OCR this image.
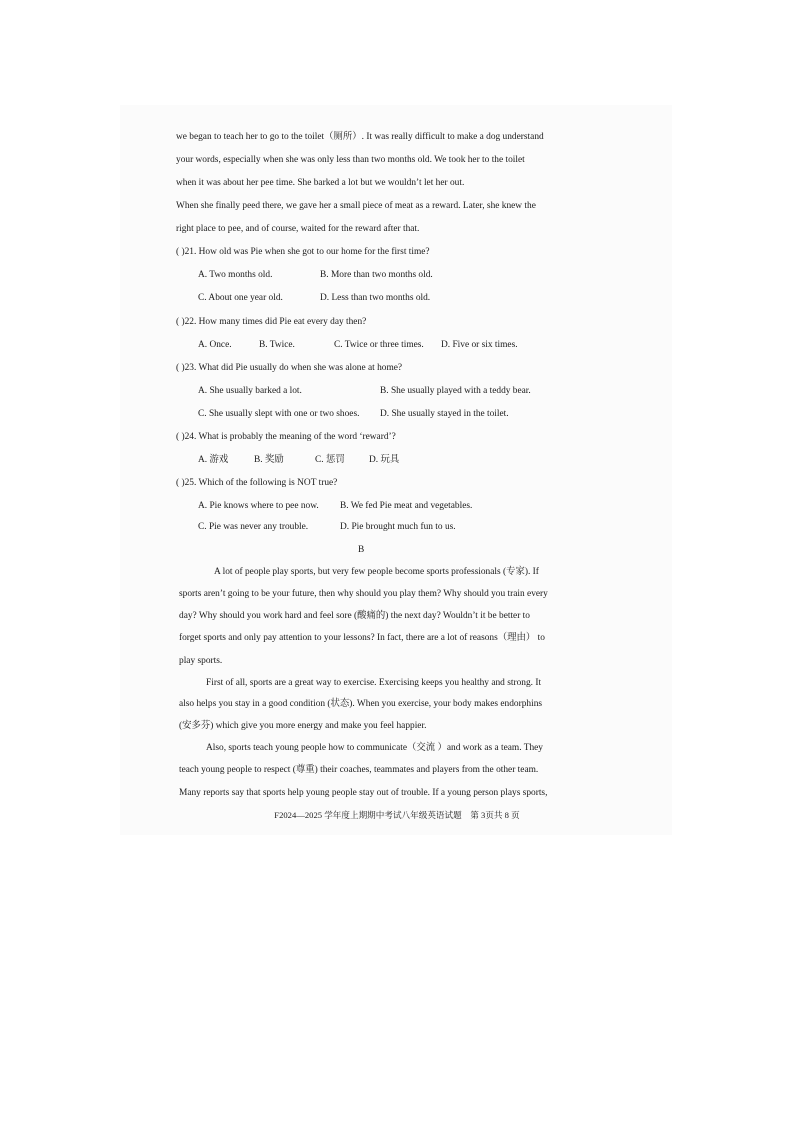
we began to teach her to go to the toilet（厕所）. It was really difficult to make a dog understand
your words, especially when she was only less than two months old. We took her to the toilet
when it was about her pee time. She barked a lot but we wouldn’t let her out.
When she finally peed there, we gave her a small piece of meat as a reward. Later, she knew the
right place to pee, and of course, waited for the reward after that.
( )21. How old was Pie when she got to our home for the first time?
A. Two months old.	B. More than two months old.
C. About one year old.	D. Less than two months old.
( )22. How many times did Pie eat every day then?
A. Once.	B. Twice.	C. Twice or three times. D. Five or six times.
( )23. What did Pie usually do when she was alone at home?
A. She usually barked a lot.	B. She usually played with a teddy bear.
C. She usually slept with one or two shoes. D. She usually stayed in the toilet.
( )24. What is probably the meaning of the word ‘reward’?
A. 游戏	B. 奖励	C. 惩罚	D. 玩具
( )25. Which of the following is NOT true?
A. Pie knows where to pee now. B. We fed Pie meat and vegetables.
C. Pie was never any trouble.	D. Pie brought much fun to us.
B
A lot of people play sports, but very few people become sports professionals (专家). If
sports aren’t going to be your future, then why should you play them? Why should you train every
day? Why should you work hard and feel sore (酸痛的) the next day? Wouldn’t it be better to
forget sports and only pay attention to your lessons? In fact, there are a lot of reasons（理由） to
play sports.
First of all, sports are a great way to exercise. Exercising keeps you healthy and strong. It
also helps you stay in a good condition (状态). When you exercise, your body makes endorphins
(安多芬) which give you more energy and make you feel happier.
Also, sports teach young people how to communicate（交流 ）and work as a team. They
teach young people to respect (尊重) their coaches, teammates and players from the other team.
Many reports say that sports help young people stay out of trouble. If a young person plays sports,
F2024—2025 学年度上期期中考试八年级英语试题　第 3页共 8 页
